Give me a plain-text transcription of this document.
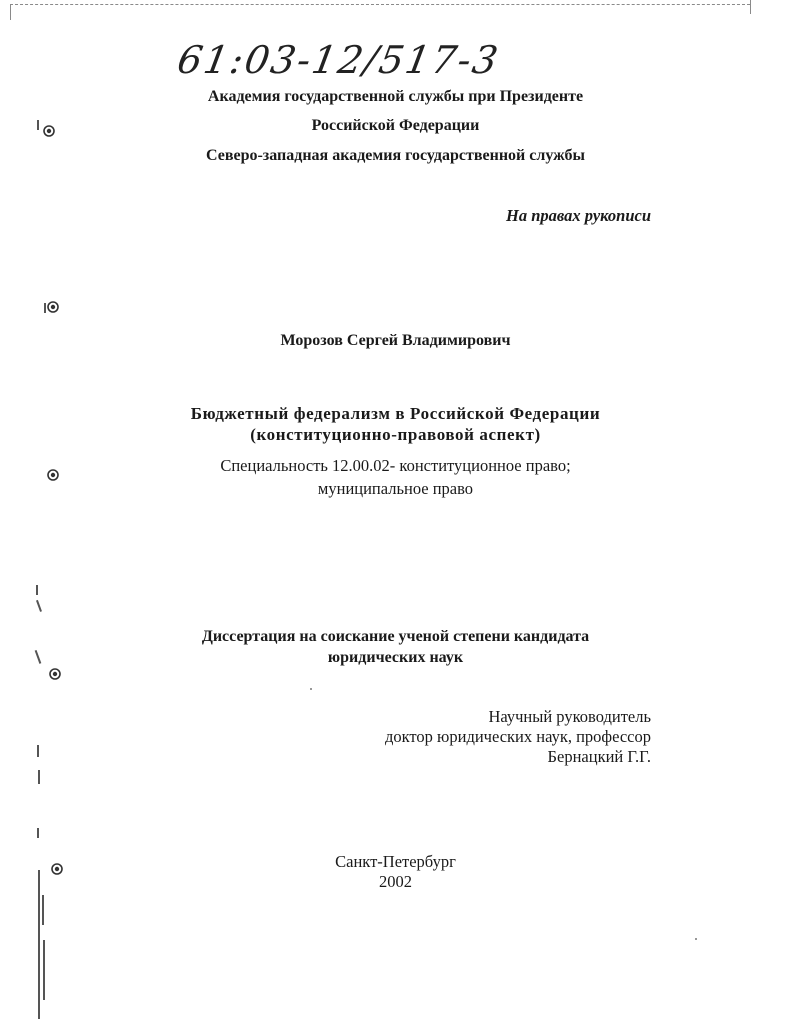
61:03-12/517-3
Академия государственной службы при Президенте
Российской Федерации
Северо-западная академия государственной службы
На правах рукописи
Морозов Сергей Владимирович
Бюджетный федерализм в Российской Федерации
(конституционно-правовой аспект)
Специальность 12.00.02- конституционное право;
муниципальное право
Диссертация на соискание ученой степени кандидата
юридических наук
Научный руководитель
доктор юридических наук, профессор
Бернацкий Г.Г.
Санкт-Петербург
2002
